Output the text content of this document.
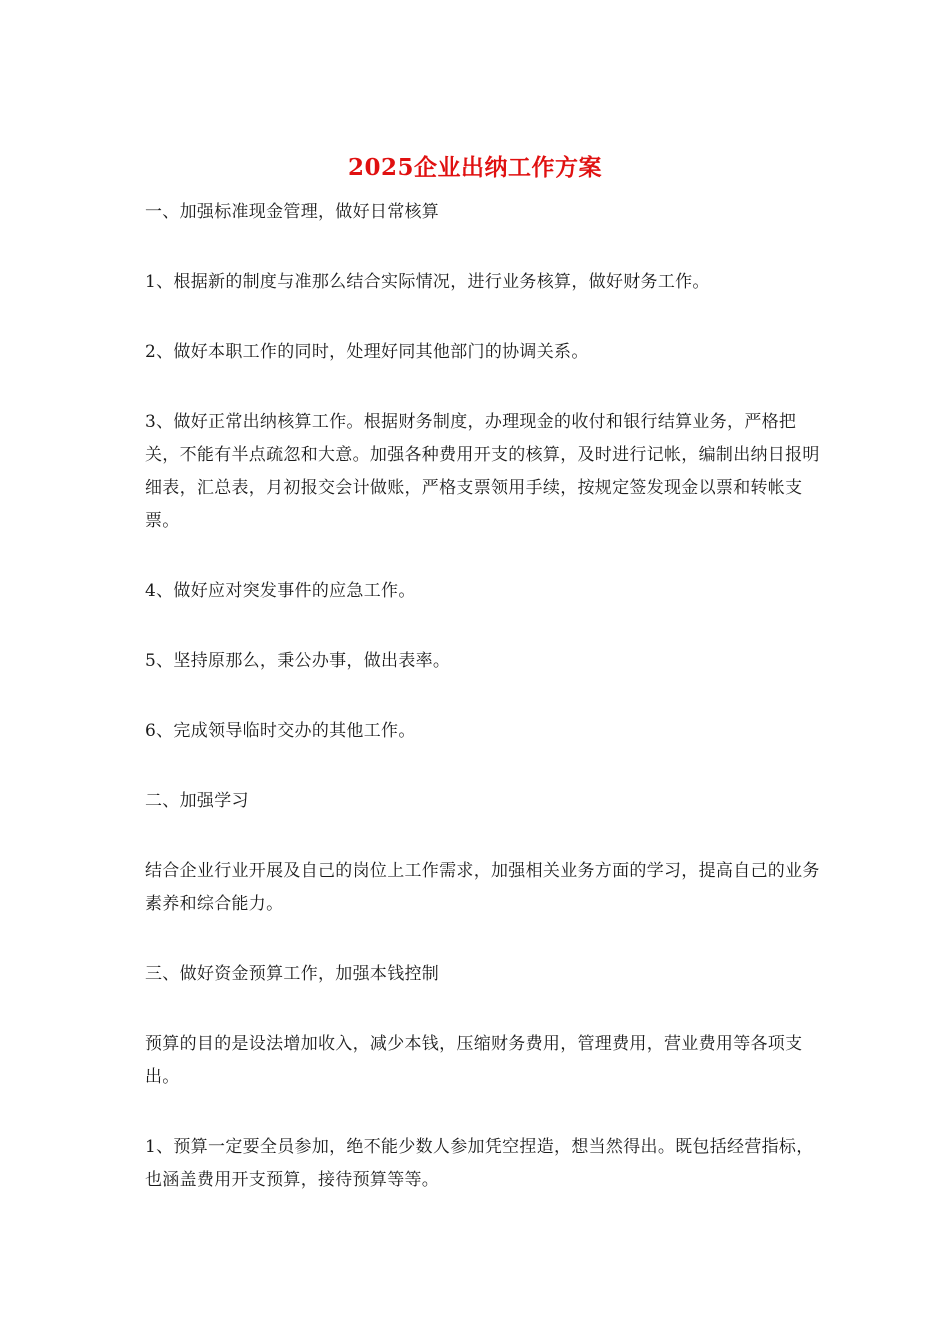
2025企业出纳工作方案

一、加强标准现金管理，做好日常核算

1、根据新的制度与准那么结合实际情况，进行业务核算，做好财务工作。

2、做好本职工作的同时，处理好同其他部门的协调关系。

3、做好正常出纳核算工作。根据财务制度，办理现金的收付和银行结算业务，严格把关，不能有半点疏忽和大意。加强各种费用开支的核算，及时进行记帐，编制出纳日报明细表，汇总表，月初报交会计做账，严格支票领用手续，按规定签发现金以票和转帐支票。

4、做好应对突发事件的应急工作。

5、坚持原那么，秉公办事，做出表率。

6、完成领导临时交办的其他工作。

二、加强学习

结合企业行业开展及自己的岗位上工作需求，加强相关业务方面的学习，提高自己的业务素养和综合能力。

三、做好资金预算工作，加强本钱控制

预算的目的是设法增加收入，减少本钱，压缩财务费用，管理费用，营业费用等各项支出。

1、预算一定要全员参加，绝不能少数人参加凭空捏造，想当然得出。既包括经营指标，也涵盖费用开支预算，接待预算等等。
